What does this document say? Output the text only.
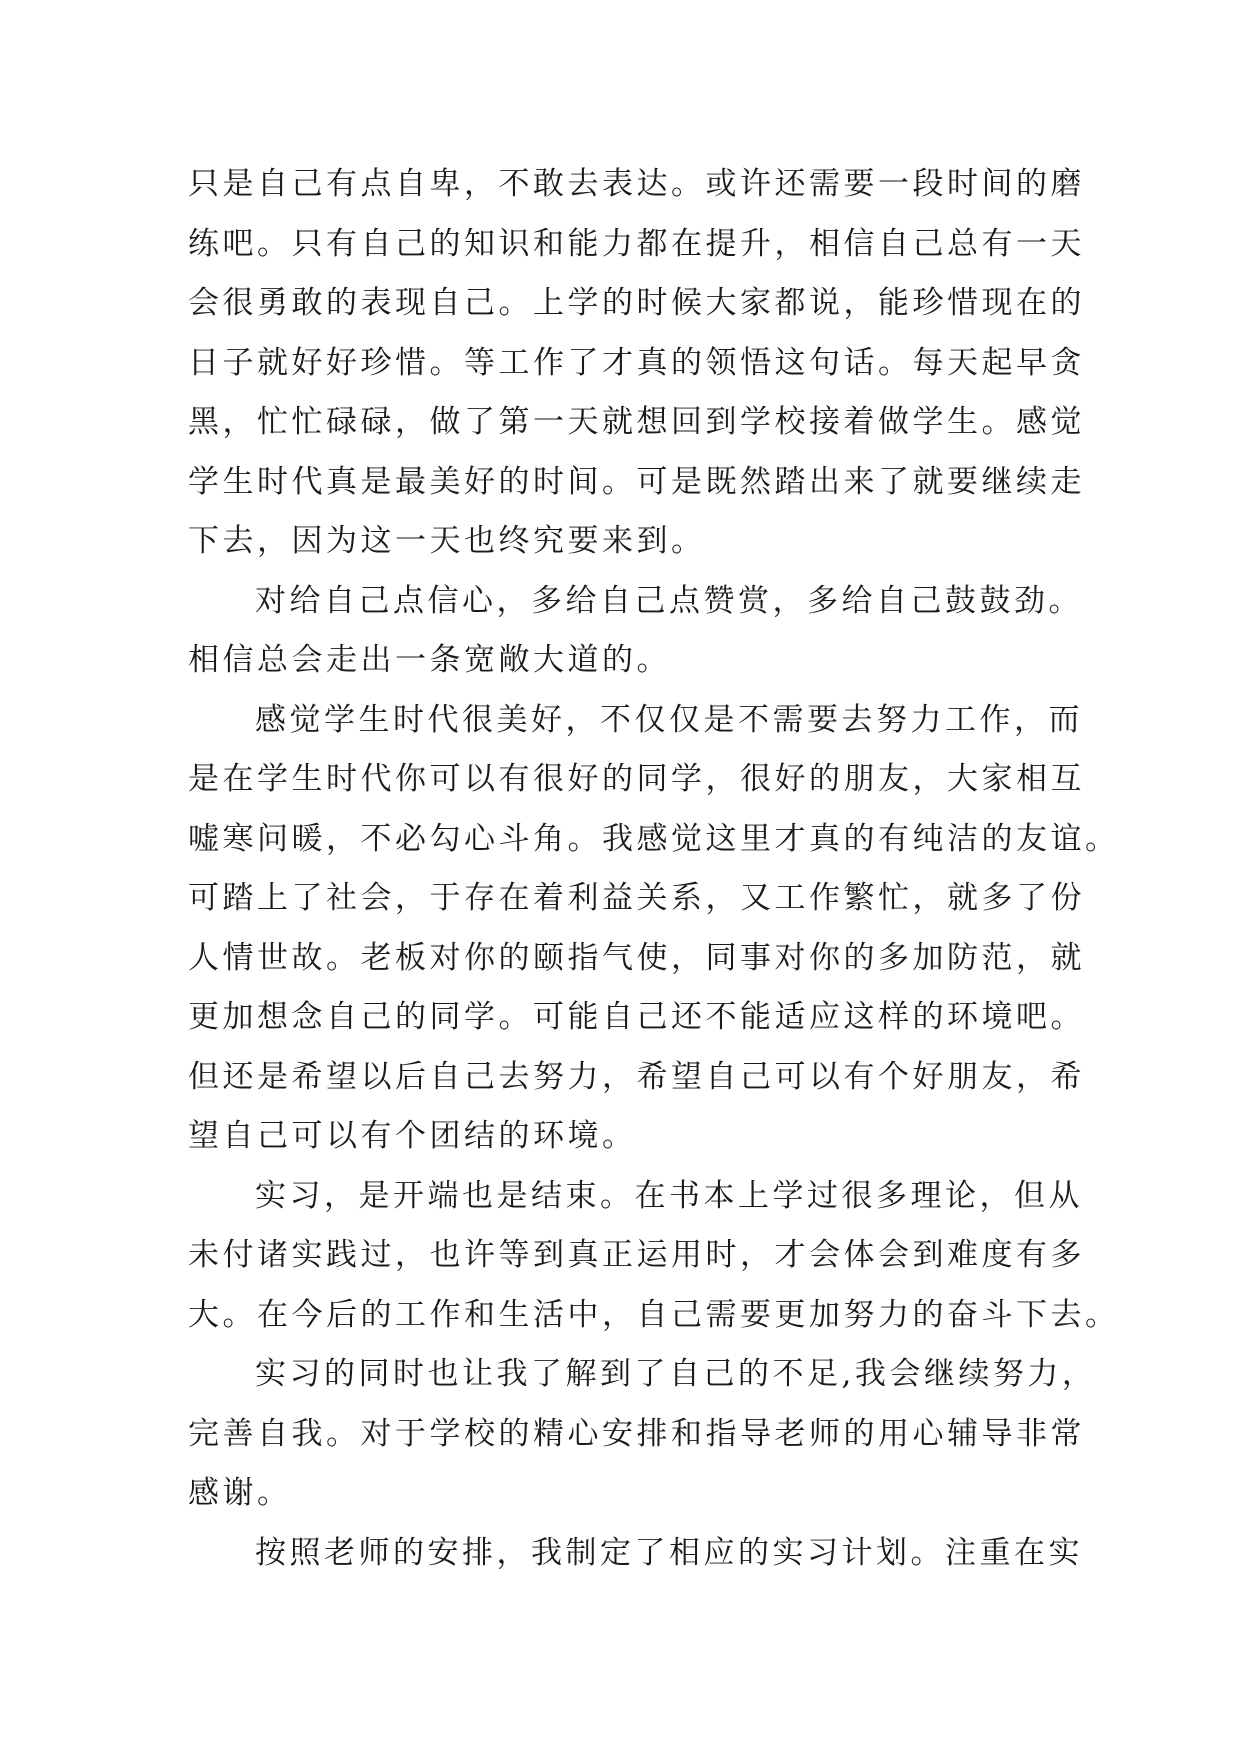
只是自己有点自卑，不敢去表达。或许还需要一段时间的磨
练吧。只有自己的知识和能力都在提升，相信自己总有一天
会很勇敢的表现自己。上学的时候大家都说，能珍惜现在的
日子就好好珍惜。等工作了才真的领悟这句话。每天起早贪
黑，忙忙碌碌，做了第一天就想回到学校接着做学生。感觉
学生时代真是最美好的时间。可是既然踏出来了就要继续走
下去，因为这一天也终究要来到。
对给自己点信心，多给自己点赞赏，多给自己鼓鼓劲。
相信总会走出一条宽敞大道的。
感觉学生时代很美好，不仅仅是不需要去努力工作，而
是在学生时代你可以有很好的同学，很好的朋友，大家相互
嘘寒问暖，不必勾心斗角。我感觉这里才真的有纯洁的友谊。
可踏上了社会，于存在着利益关系，又工作繁忙，就多了份
人情世故。老板对你的颐指气使，同事对你的多加防范，就
更加想念自己的同学。可能自己还不能适应这样的环境吧。
但还是希望以后自己去努力，希望自己可以有个好朋友，希
望自己可以有个团结的环境。
实习，是开端也是结束。在书本上学过很多理论，但从
未付诸实践过，也许等到真正运用时，才会体会到难度有多
大。在今后的工作和生活中，自己需要更加努力的奋斗下去。
实习的同时也让我了解到了自己的不足,我会继续努力，
完善自我。对于学校的精心安排和指导老师的用心辅导非常
感谢。
按照老师的安排，我制定了相应的实习计划。注重在实
